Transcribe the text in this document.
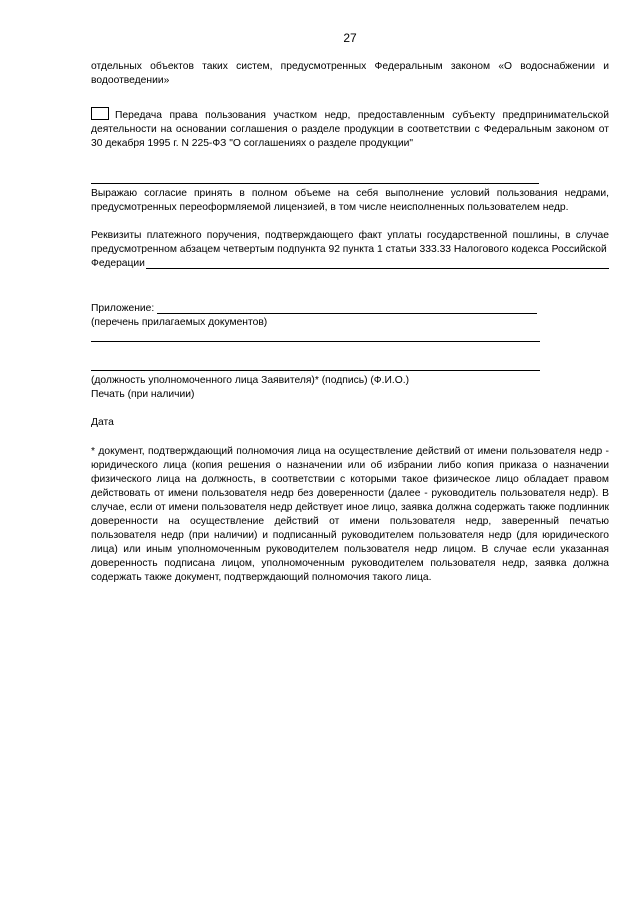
27

отдельных объектов таких систем, предусмотренных Федеральным законом «О водоснабжении и водоотведении»

Передача права пользования участком недр, предоставленным субъекту предпринимательской деятельности на основании соглашения о разделе продукции в соответствии с Федеральным законом от 30 декабря 1995 г. N 225-ФЗ "О соглашениях о разделе продукции"

Выражаю согласие принять в полном объеме на себя выполнение условий пользования недрами, предусмотренных переоформляемой лицензией, в том числе неисполненных пользователем недр.

Реквизиты платежного поручения, подтверждающего факт уплаты государственной пошлины, в случае предусмотренном абзацем четвертым подпункта 92 пункта 1 статьи 333.33 Налогового кодекса Российской

Федерации
Приложение:
(перечень прилагаемых документов)
(должность уполномоченного лица Заявителя)* (подпись) (Ф.И.О.)
Печать (при наличии)
Дата

* документ, подтверждающий полномочия лица на осуществление действий от имени пользователя недр - юридического лица (копия решения о назначении или об избрании либо копия приказа о назначении физического лица на должность, в соответствии с которыми такое физическое лицо обладает правом действовать от имени пользователя недр без доверенности (далее - руководитель пользователя недр). В случае, если от имени пользователя недр действует иное лицо, заявка должна содержать также подлинник доверенности на осуществление действий от имени пользователя недр, заверенный печатью пользователя недр (при наличии) и подписанный руководителем пользователя недр (для юридического лица) или иным уполномоченным руководителем пользователя недр лицом. В случае если указанная доверенность подписана лицом, уполномоченным руководителем пользователя недр, заявка должна содержать также документ, подтверждающий полномочия такого лица.
